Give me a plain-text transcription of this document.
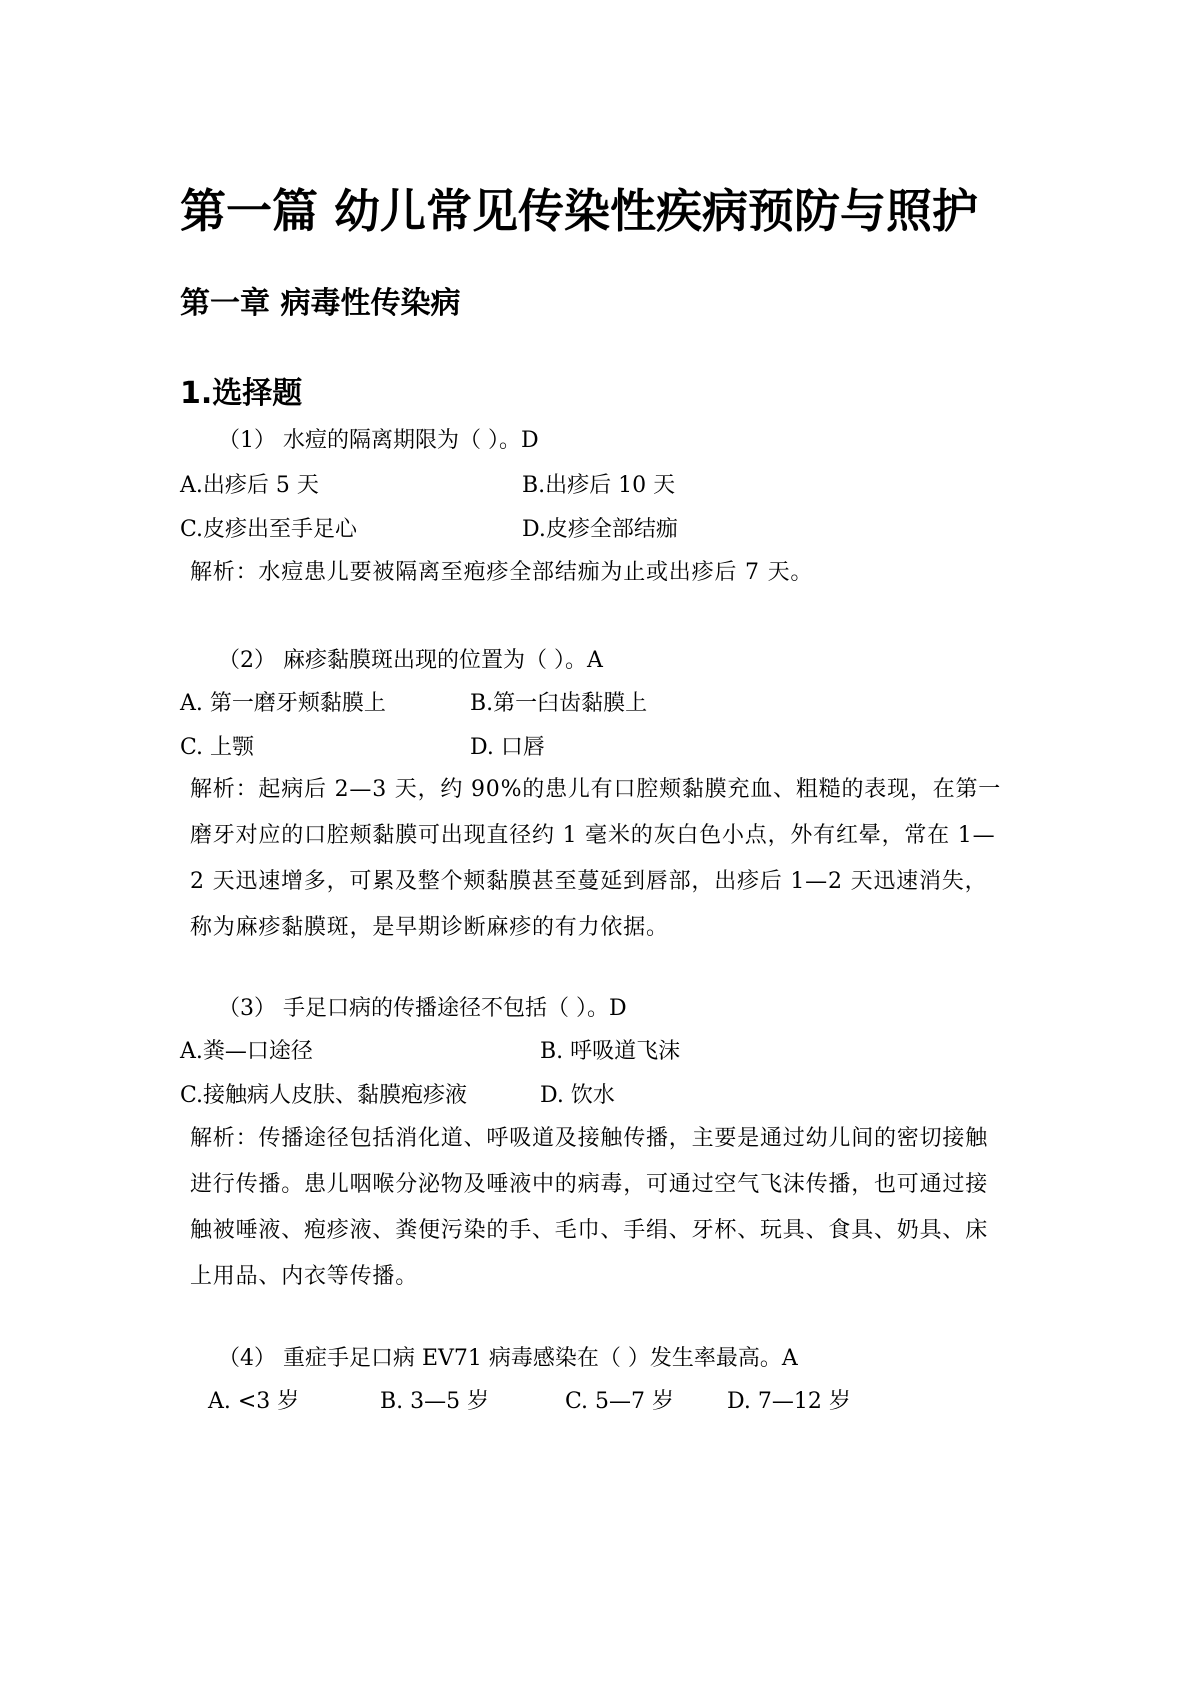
第一篇 幼儿常见传染性疾病预防与照护
第一章 病毒性传染病
1.选择题
（1） 水痘的隔离期限为（ ）。D
A.出疹后 5 天	B.出疹后 10 天
C.皮疹出至手足心	D.皮疹全部结痂
解析：水痘患儿要被隔离至疱疹全部结痂为止或出疹后 7 天。
（2） 麻疹黏膜斑出现的位置为（ ）。A
A. 第一磨牙颊黏膜上	B.第一臼齿黏膜上
C. 上颚	D. 口唇
解析：起病后 2—3 天，约 90%的患儿有口腔颊黏膜充血、粗糙的表现，在第一磨牙对应的口腔颊黏膜可出现直径约 1 毫米的灰白色小点，外有红晕，常在 1—2 天迅速增多，可累及整个颊黏膜甚至蔓延到唇部，出疹后 1—2 天迅速消失，称为麻疹黏膜斑，是早期诊断麻疹的有力依据。
（3） 手足口病的传播途径不包括（ ）。D
A.粪—口途径	B. 呼吸道飞沫
C.接触病人皮肤、黏膜疱疹液	D. 饮水
解析：传播途径包括消化道、呼吸道及接触传播，主要是通过幼儿间的密切接触进行传播。患儿咽喉分泌物及唾液中的病毒，可通过空气飞沫传播，也可通过接触被唾液、疱疹液、粪便污染的手、毛巾、手绢、牙杯、玩具、食具、奶具、床上用品、内衣等传播。
（4） 重症手足口病 EV71 病毒感染在（ ）发生率最高。A
A. <3 岁	B. 3—5 岁	C. 5—7 岁 D. 7—12 岁
